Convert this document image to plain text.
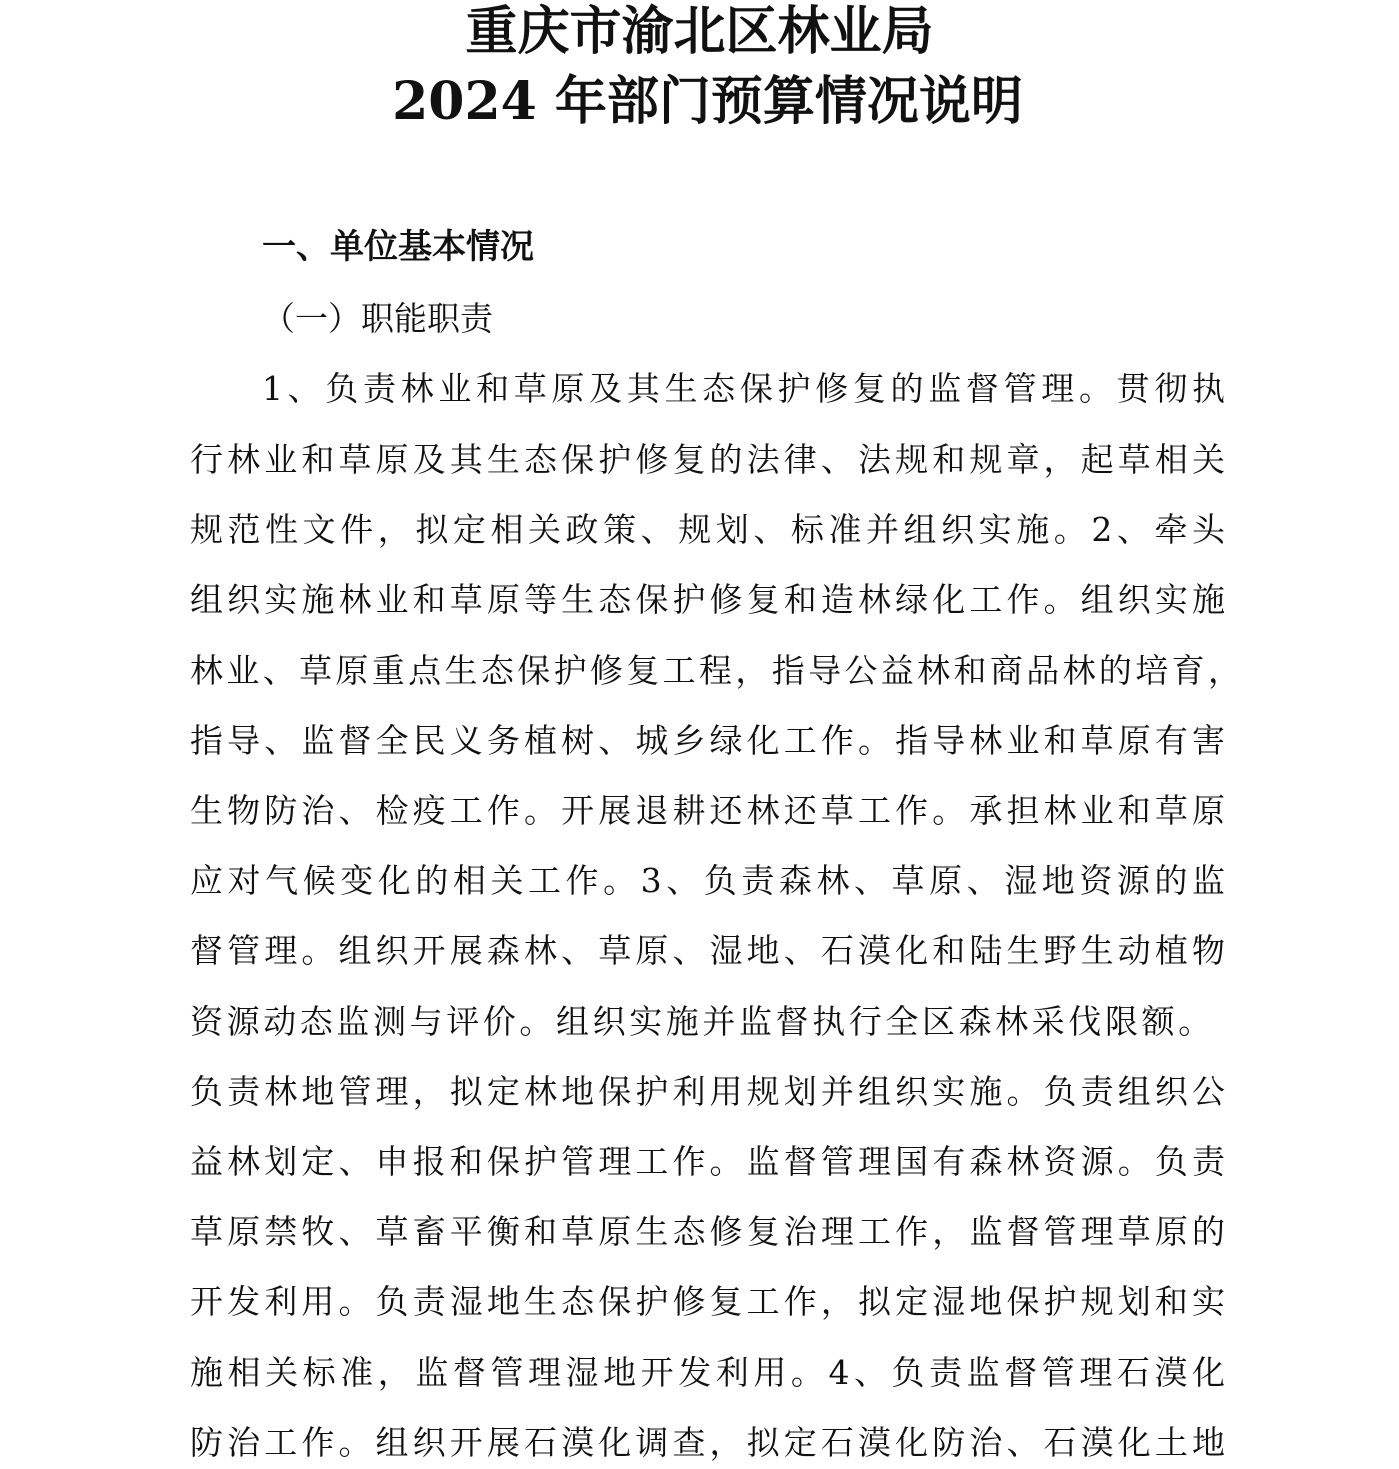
重庆市渝北区林业局
2024 年部门预算情况说明
一、单位基本情况
（一）职能职责
1、负责林业和草原及其生态保护修复的监督管理。贯彻执
行林业和草原及其生态保护修复的法律、法规和规章，起草相关
规范性文件，拟定相关政策、规划、标准并组织实施。2、牵头
组织实施林业和草原等生态保护修复和造林绿化工作。组织实施
林业、草原重点生态保护修复工程，指导公益林和商品林的培育，
指导、监督全民义务植树、城乡绿化工作。指导林业和草原有害
生物防治、检疫工作。开展退耕还林还草工作。承担林业和草原
应对气候变化的相关工作。3、负责森林、草原、湿地资源的监
督管理。组织开展森林、草原、湿地、石漠化和陆生野生动植物
资源动态监测与评价。组织实施并监督执行全区森林采伐限额。
负责林地管理，拟定林地保护利用规划并组织实施。负责组织公
益林划定、申报和保护管理工作。监督管理国有森林资源。负责
草原禁牧、草畜平衡和草原生态修复治理工作，监督管理草原的
开发利用。负责湿地生态保护修复工作，拟定湿地保护规划和实
施相关标准，监督管理湿地开发利用。4、负责监督管理石漠化
防治工作。组织开展石漠化调查，拟定石漠化防治、石漠化土地
